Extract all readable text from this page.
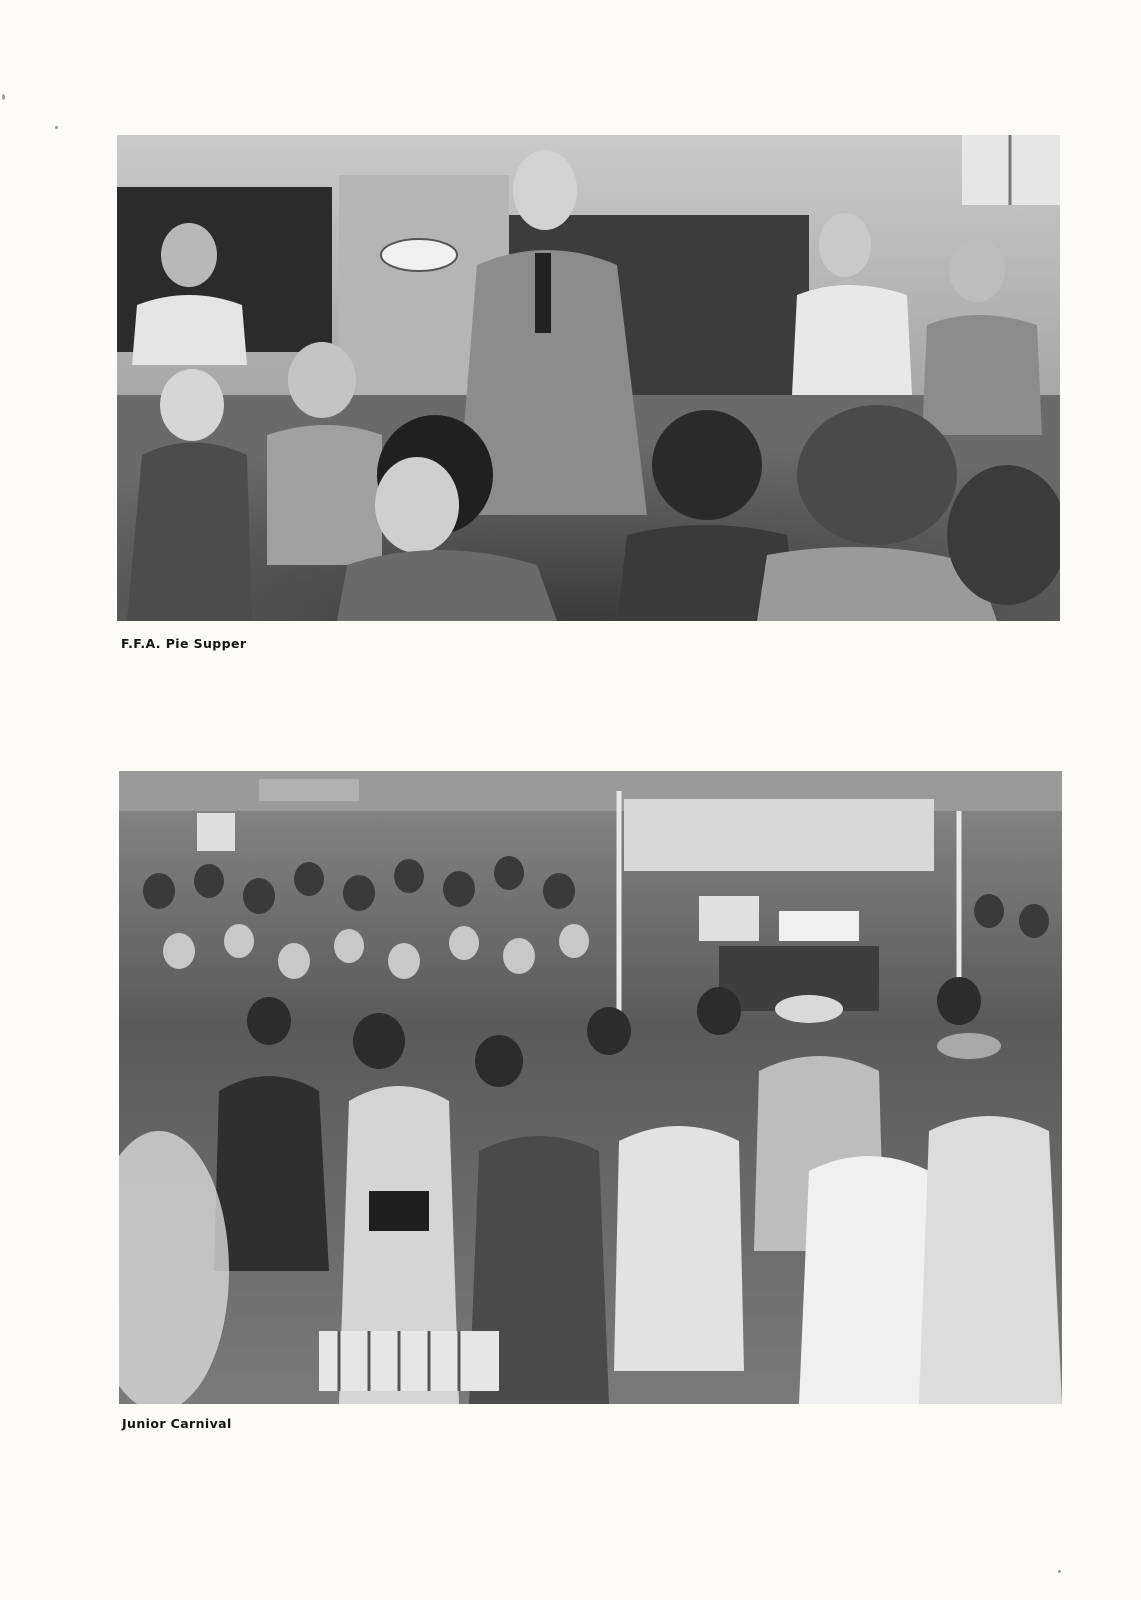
F.F.A. Pie Supper
Junior Carnival
